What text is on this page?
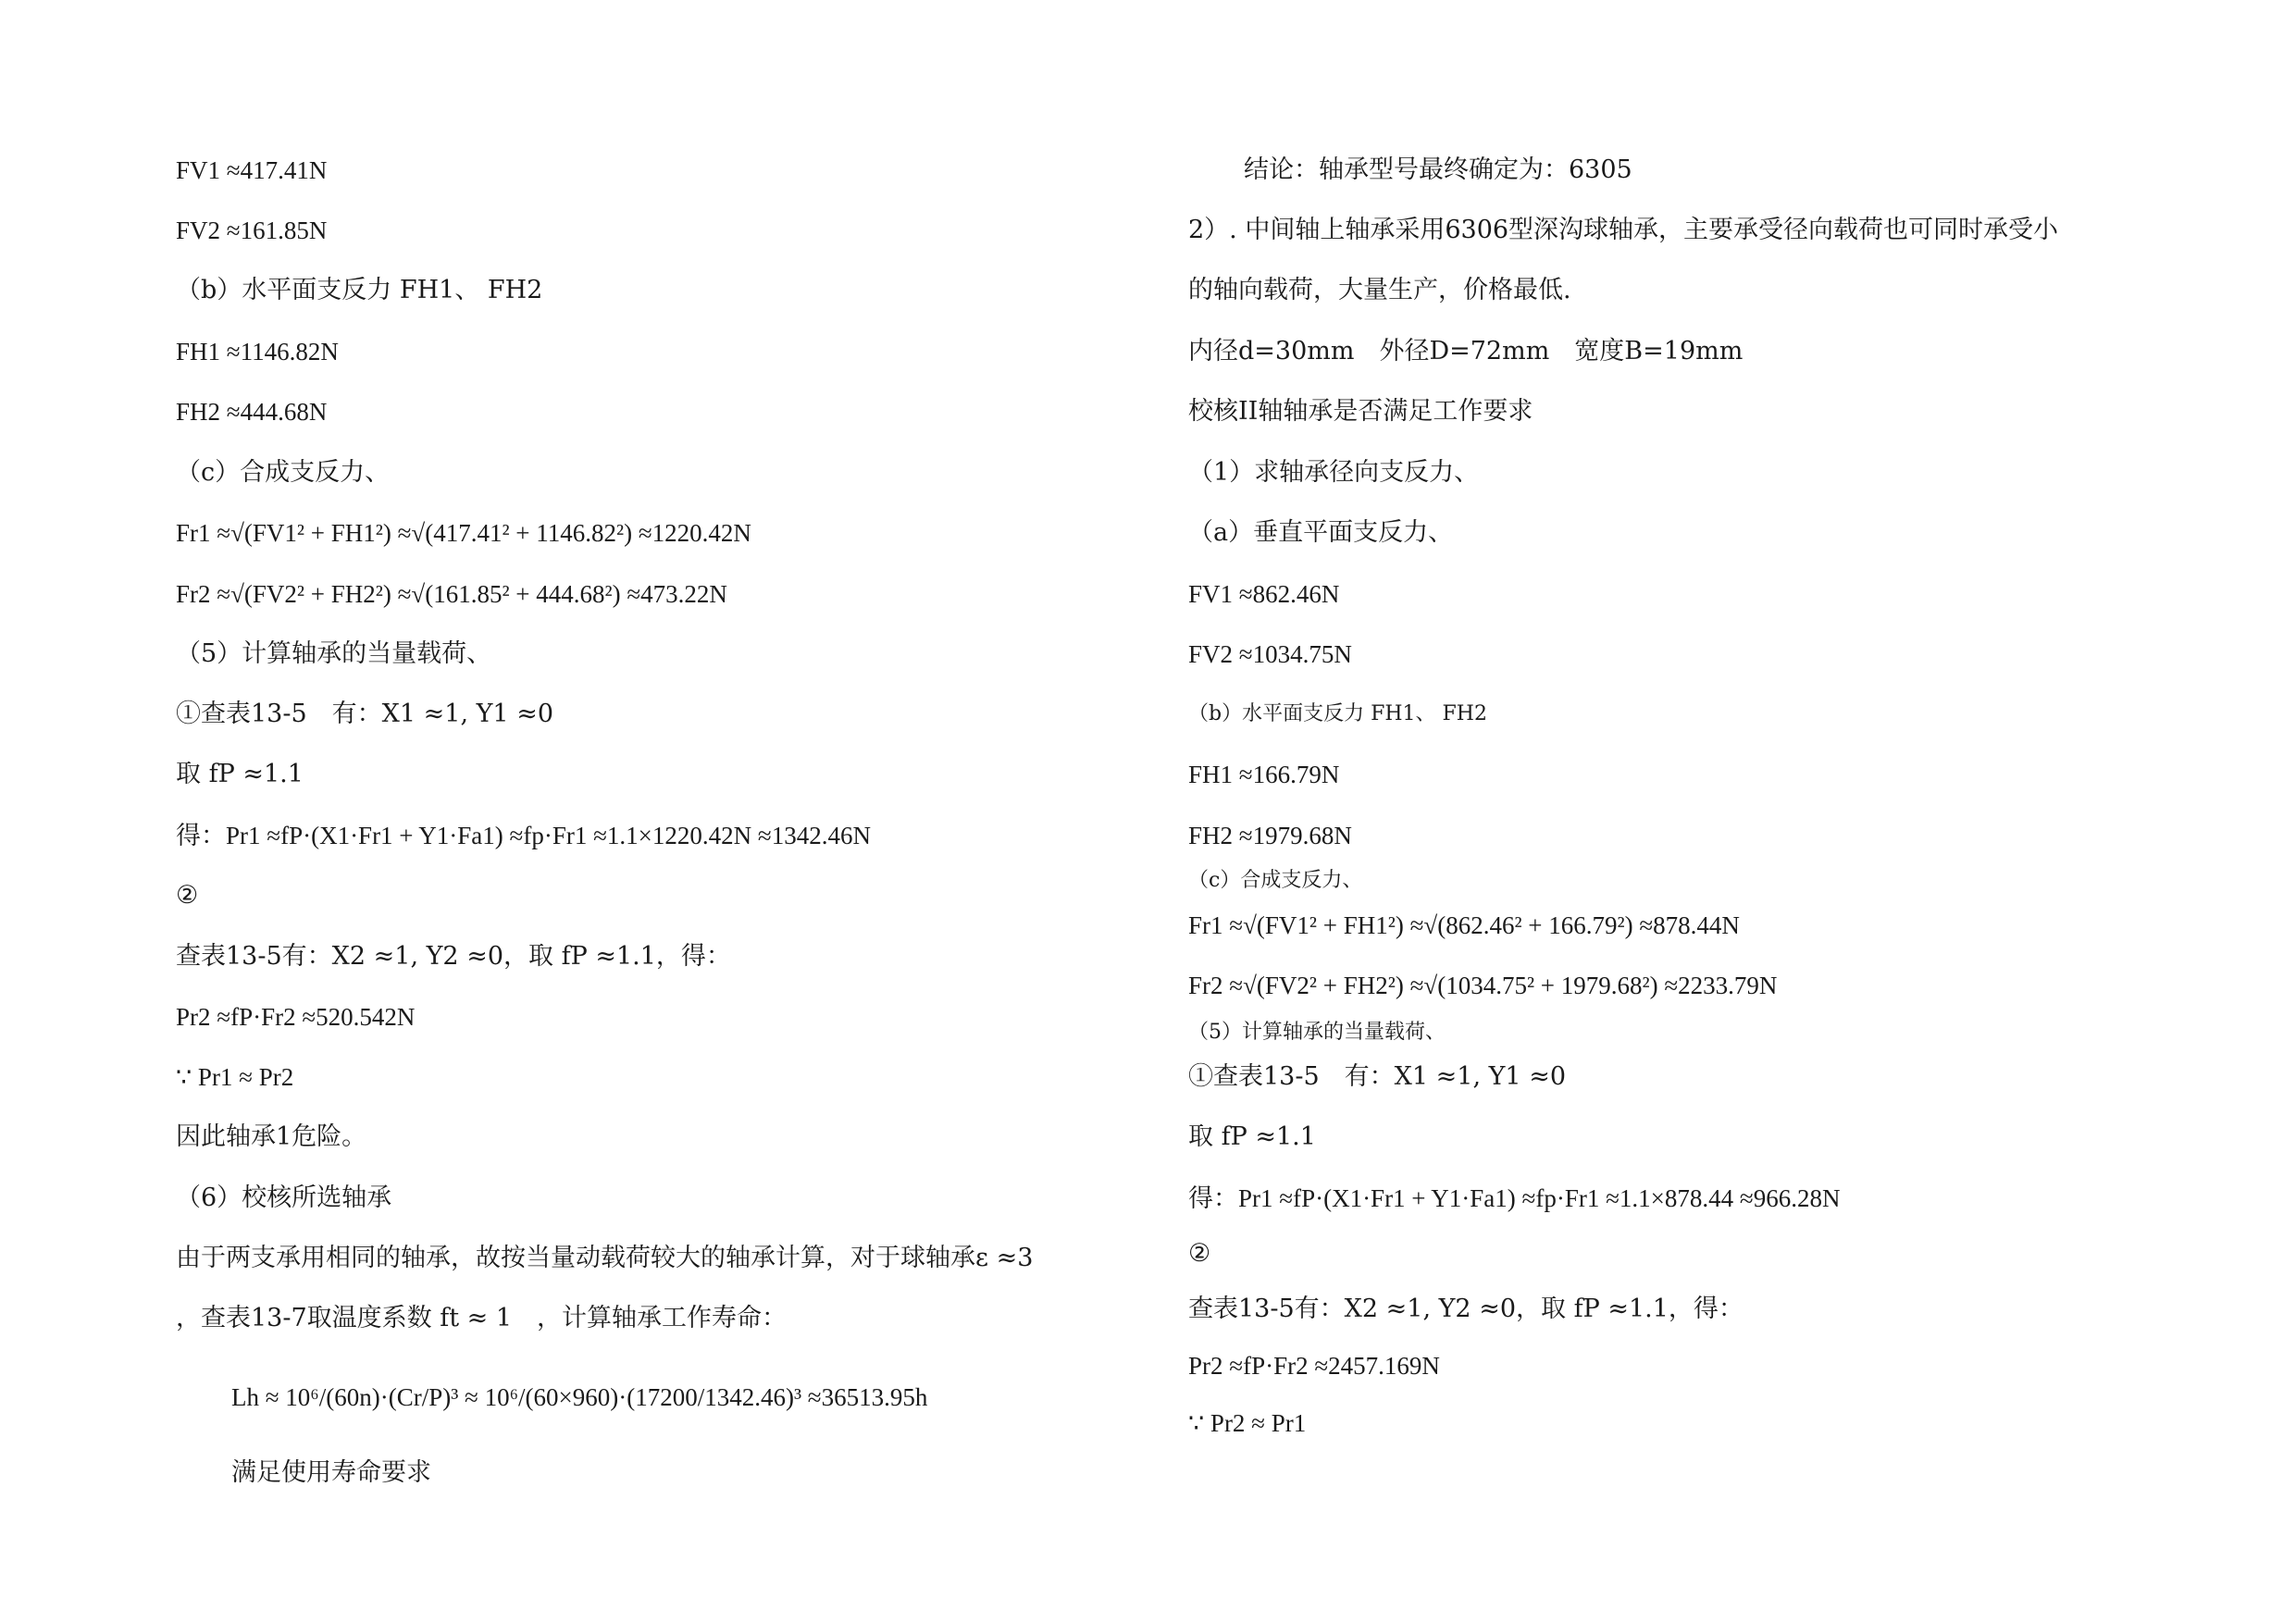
FV1 ≈417.41N
FV2 ≈161.85N
（b）水平面支反力 FH1、 FH2
FH1 ≈1146.82N
FH2 ≈444.68N
（c）合成支反力、
Fr1 ≈√(FV1² + FH1²) ≈√(417.41² + 1146.82²) ≈1220.42N
Fr2 ≈√(FV2² + FH2²) ≈√(161.85² + 444.68²) ≈473.22N
（5）计算轴承的当量载荷、
①查表13-5　有：X1 ≈1, Y1 ≈0
取 fP ≈1.1
得：Pr1 ≈fP·(X1·Fr1 + Y1·Fa1) ≈fp·Fr1 ≈1.1×1220.42N ≈1342.46N
②
查表13-5有：X2 ≈1, Y2 ≈0，取 fP ≈1.1，得：
Pr2 ≈fP·Fr2 ≈520.542N
∵ Pr1 ≈ Pr2
因此轴承1危险。
（6）校核所选轴承
由于两支承用相同的轴承，故按当量动载荷较大的轴承计算，对于球轴承ε ≈3
，查表13-7取温度系数 ft ≈ 1　，计算轴承工作寿命：
Lh ≈ 10⁶/(60n)·(Cr/P)³ ≈ 10⁶/(60×960)·(17200/1342.46)³ ≈36513.95h
满足使用寿命要求
结论：轴承型号最终确定为：6305
2）. 中间轴上轴承采用6306型深沟球轴承，主要承受径向载荷也可同时承受小
的轴向载荷，大量生产，价格最低.
内径d=30mm　外径D=72mm　宽度B=19mm
校核II轴轴承是否满足工作要求
（1）求轴承径向支反力、
（a）垂直平面支反力、
FV1 ≈862.46N
FV2 ≈1034.75N
（b）水平面支反力 FH1、 FH2
FH1 ≈166.79N
FH2 ≈1979.68N
（c）合成支反力、
Fr1 ≈√(FV1² + FH1²) ≈√(862.46² + 166.79²) ≈878.44N
Fr2 ≈√(FV2² + FH2²) ≈√(1034.75² + 1979.68²) ≈2233.79N
（5）计算轴承的当量载荷、
①查表13-5　有：X1 ≈1, Y1 ≈0
取 fP ≈1.1
得：Pr1 ≈fP·(X1·Fr1 + Y1·Fa1) ≈fp·Fr1 ≈1.1×878.44 ≈966.28N
②
查表13-5有：X2 ≈1, Y2 ≈0，取 fP ≈1.1，得：
Pr2 ≈fP·Fr2 ≈2457.169N
∵ Pr2 ≈ Pr1
